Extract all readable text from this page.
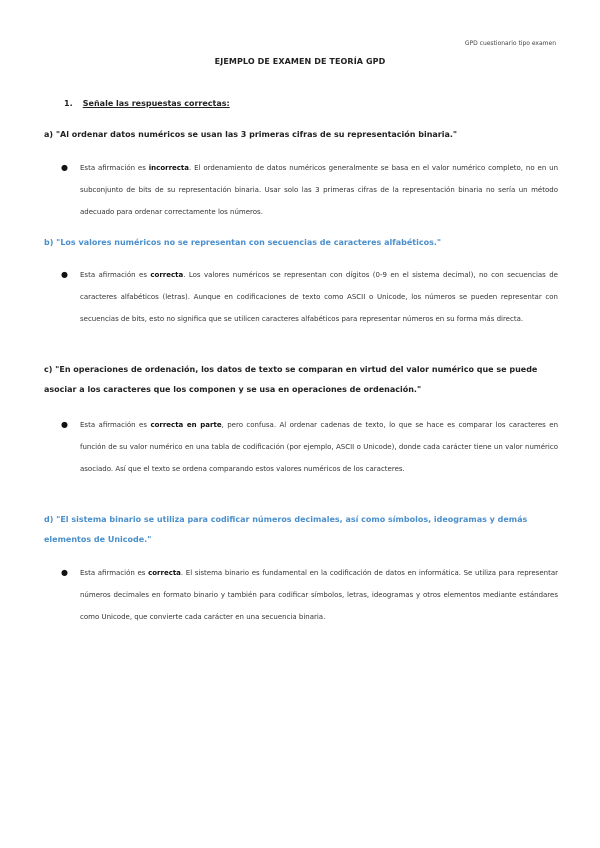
GPD cuestionario tipo examen
EJEMPLO DE EXAMEN DE TEORÍA GPD
1. Señale las respuestas correctas:
a) "Al ordenar datos numéricos se usan las 3 primeras cifras de su representación binaria."
● Esta afirmación es incorrecta. El ordenamiento de datos numéricos generalmente se basa en el valor numérico completo, no en un subconjunto de bits de su representación binaria. Usar solo las 3 primeras cifras de la representación binaria no sería un método adecuado para ordenar correctamente los números.
b) "Los valores numéricos no se representan con secuencias de caracteres alfabéticos."
● Esta afirmación es correcta. Los valores numéricos se representan con dígitos (0-9 en el sistema decimal), no con secuencias de caracteres alfabéticos (letras). Aunque en codificaciones de texto como ASCII o Unicode, los números se pueden representar con secuencias de bits, esto no significa que se utilicen caracteres alfabéticos para representar números en su forma más directa.
c) "En operaciones de ordenación, los datos de texto se comparan en virtud del valor numérico que se puede asociar a los caracteres que los componen y se usa en operaciones de ordenación."
● Esta afirmación es correcta en parte, pero confusa. Al ordenar cadenas de texto, lo que se hace es comparar los caracteres en función de su valor numérico en una tabla de codificación (por ejemplo, ASCII o Unicode), donde cada carácter tiene un valor numérico asociado. Así que el texto se ordena comparando estos valores numéricos de los caracteres.
d) "El sistema binario se utiliza para codificar números decimales, así como símbolos, ideogramas y demás elementos de Unicode."
● Esta afirmación es correcta. El sistema binario es fundamental en la codificación de datos en informática. Se utiliza para representar números decimales en formato binario y también para codificar símbolos, letras, ideogramas y otros elementos mediante estándares como Unicode, que convierte cada carácter en una secuencia binaria.
